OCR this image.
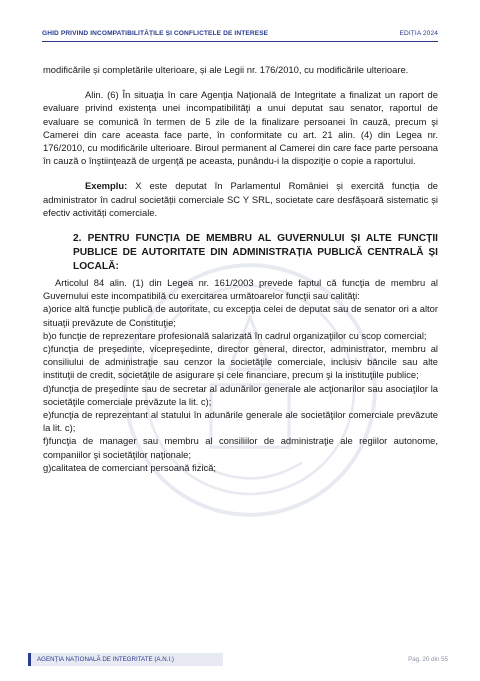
GHID PRIVIND INCOMPATIBILITĂȚILE ȘI CONFLICTELE DE INTERESE	EDIȚIA 2024

modificările și completările ulterioare, și ale Legii nr. 176/2010, cu modificările ulterioare.

Alin. (6) În situaţia în care Agenţia Naţională de Integritate a finalizat un raport de evaluare privind existenţa unei incompatibilităţi a unui deputat sau senator, raportul de evaluare se comunică în termen de 5 zile de la finalizare persoanei în cauză, precum şi Camerei din care aceasta face parte, în conformitate cu art. 21 alin. (4) din Legea nr. 176/2010, cu modificările ulterioare. Biroul permanent al Camerei din care face parte persoana în cauză o înştiinţează de urgenţă pe aceasta, punându-i la dispoziţie o copie a raportului.

Exemplu: X este deputat în Parlamentul României și exercită funcția de administrator în cadrul societății comerciale SC Y SRL, societate care desfășoară sistematic și efectiv activități comerciale.

2. PENTRU FUNCȚIA DE MEMBRU AL GUVERNULUI ȘI ALTE FUNCȚII PUBLICE DE AUTORITATE DIN ADMINISTRAȚIA PUBLICĂ CENTRALĂ ȘI LOCALĂ:

Articolul 84 alin. (1) din Legea nr. 161/2003 prevede faptul că funcţia de membru al Guvernului este incompatibilă cu exercitarea următoarelor funcţii sau calităţi:

a)orice altă funcţie publică de autoritate, cu excepţia celei de deputat sau de senator ori a altor situaţii prevăzute de Constituţie;

b)o funcţie de reprezentare profesională salarizată în cadrul organizaţiilor cu scop comercial;

c)funcţia de preşedinte, vicepreşedinte, director general, director, administrator, membru al consiliului de administraţie sau cenzor la societăţile comerciale, inclusiv băncile sau alte instituţii de credit, societăţile de asigurare şi cele financiare, precum şi la instituţiile publice;

d)funcţia de preşedinte sau de secretar al adunărilor generale ale acţionarilor sau asociaţilor la societăţile comerciale prevăzute la lit. c);

e)funcţia de reprezentant al statului în adunările generale ale societăţilor comerciale prevăzute la lit. c);

f)funcţia de manager sau membru al consiliilor de administraţie ale regiilor autonome, companiilor şi societăţilor naţionale;

g)calitatea de comerciant persoană fizică;

AGENȚIA NAȚIONALĂ DE INTEGRITATE (A.N.I.)	Pag. 20 din 55
